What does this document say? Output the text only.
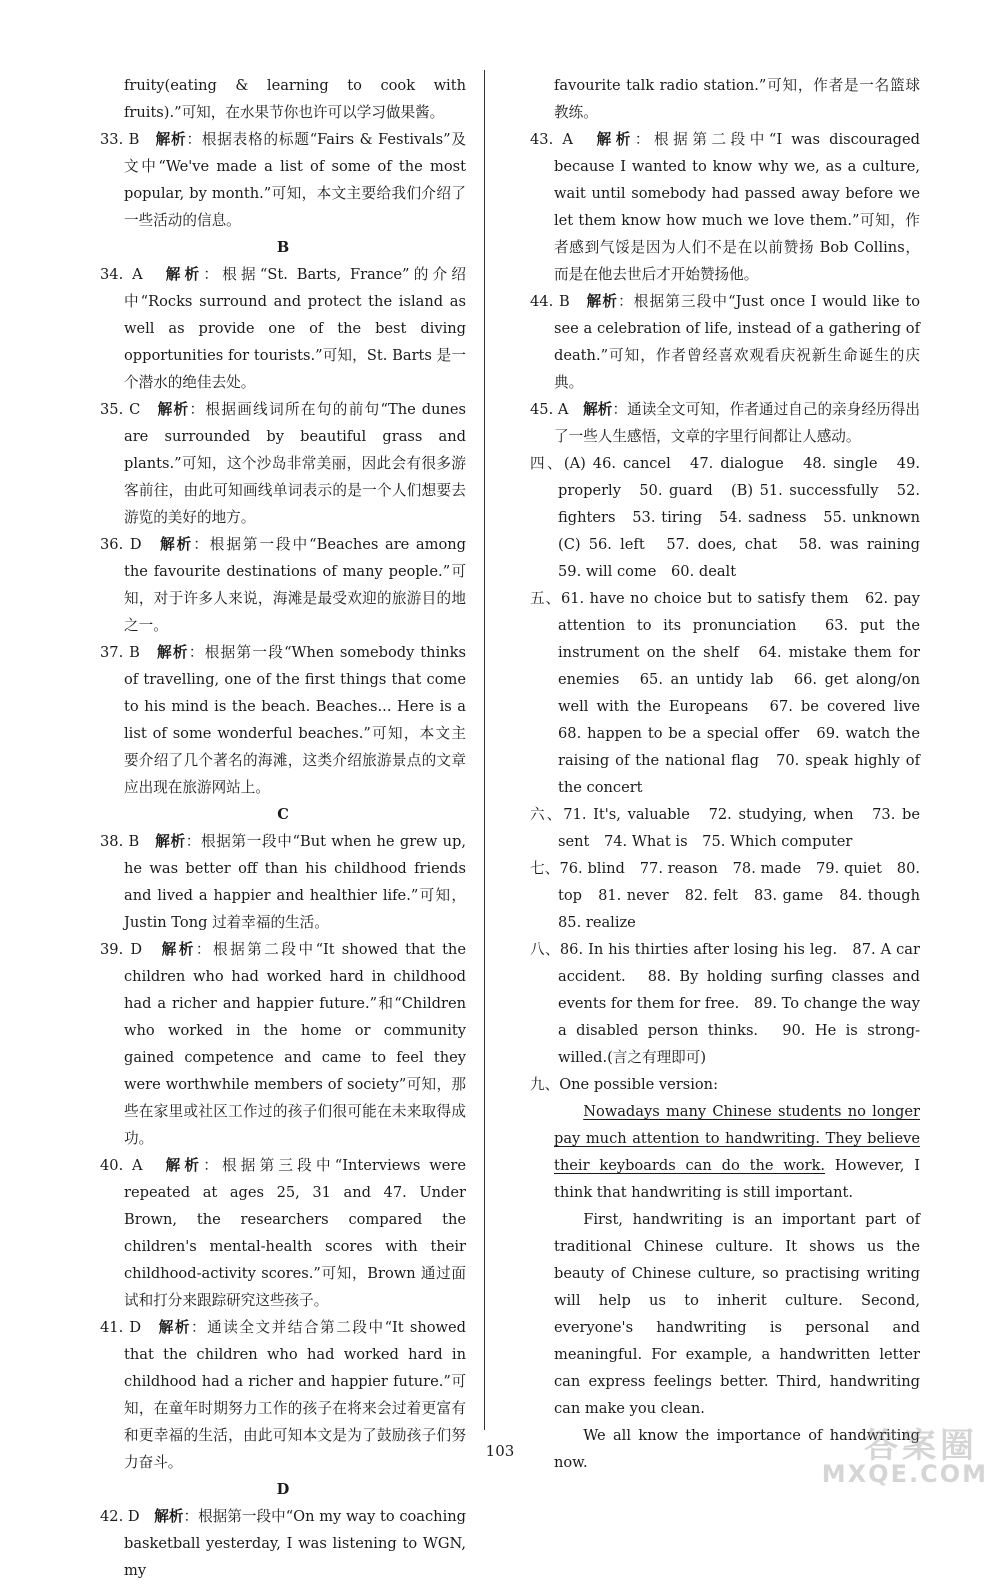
fruity(eating & learning to cook with fruits).”可知，在水果节你也许可以学习做果酱。

33. B　 解析：根据表格的标题“Fairs & Festivals”及文中“We've made a list of some of the most popular, by month.”可知，本文主要给我们介绍了一些活动的信息。

B

34. A　 解析：根据“St. Barts, France”的介绍中“Rocks surround and protect the island as well as provide one of the best diving opportunities for tourists.”可知，St. Barts 是一个潜水的绝佳去处。

35. C　 解析：根据画线词所在句的前句“The dunes are surrounded by beautiful grass and plants.”可知，这个沙岛非常美丽，因此会有很多游客前往，由此可知画线单词表示的是一个人们想要去游览的美好的地方。

36. D　 解析：根据第一段中“Beaches are among the favourite destinations of many people.”可知，对于许多人来说，海滩是最受欢迎的旅游目的地之一。

37. B　 解析：根据第一段“When somebody thinks of travelling, one of the first things that come to his mind is the beach. Beaches... Here is a list of some wonderful beaches.”可知，本文主要介绍了几个著名的海滩，这类介绍旅游景点的文章应出现在旅游网站上。

C

38. B　 解析：根据第一段中“But when he grew up, he was better off than his childhood friends and lived a happier and healthier life.”可知，Justin Tong 过着幸福的生活。

39. D　 解析：根据第二段中“It showed that the children who had worked hard in childhood had a richer and happier future.”和“Children who worked in the home or community gained competence and came to feel they were worthwhile members of society”可知，那些在家里或社区工作过的孩子们很可能在未来取得成功。

40. A　 解析：根据第三段中“Interviews were repeated at ages 25, 31 and 47. Under Brown, the researchers compared the children's mental-health scores with their childhood-activity scores.”可知，Brown 通过面试和打分来跟踪研究这些孩子。

41. D　 解析：通读全文并结合第二段中“It showed that the children who had worked hard in childhood had a richer and happier future.”可知，在童年时期努力工作的孩子在将来会过着更富有和更幸福的生活，由此可知本文是为了鼓励孩子们努力奋斗。

D

42. D　 解析：根据第一段中“On my way to coaching basketball yesterday, I was listening to WGN, my

favourite talk radio station.”可知，作者是一名篮球教练。

43. A　 解析：根据第二段中“I was discouraged because I wanted to know why we, as a culture, wait until somebody had passed away before we let them know how much we love them.”可知，作者感到气馁是因为人们不是在以前赞扬 Bob Collins，而是在他去世后才开始赞扬他。

44. B　 解析：根据第三段中“Just once I would like to see a celebration of life, instead of a gathering of death.”可知，作者曾经喜欢观看庆祝新生命诞生的庆典。

45. A　 解析：通读全文可知，作者通过自己的亲身经历得出了一些人生感悟，文章的字里行间都让人感动。

四、(A) 46. cancel　47. dialogue　48. single　49. properly　50. guard　(B) 51. successfully　52. fighters　53. tiring　54. sadness　55. unknown　(C) 56. left　57. does, chat　58. was raining　59. will come　60. dealt

五、61. have no choice but to satisfy them　62. pay attention to its pronunciation　63. put the instrument on the shelf　64. mistake them for enemies　65. an untidy lab　66. get along/on well with the Europeans　67. be covered live　68. happen to be a special offer　69. watch the raising of the national flag　70. speak highly of the concert

六、71. It's, valuable　72. studying, when　73. be sent　74. What is　75. Which computer

七、76. blind　77. reason　78. made　79. quiet　80. top　81. never　82. felt　83. game　84. though　85. realize

八、86. In his thirties after losing his leg.　87. A car accident.　88. By holding surfing classes and events for them for free.　89. To change the way a disabled person thinks.　90. He is strong-willed.(言之有理即可)

九、One possible version:

Nowadays many Chinese students no longer pay much attention to handwriting. They believe their keyboards can do the work. However, I think that handwriting is still important.

First, handwriting is an important part of traditional Chinese culture. It shows us the beauty of Chinese culture, so practising writing will help us to inherit culture. Second, everyone's handwriting is personal and meaningful. For example, a handwritten letter can express feelings better. Third, handwriting can make you clean.

We all know the importance of handwriting now.

103	答案圈
MXQE.COM
